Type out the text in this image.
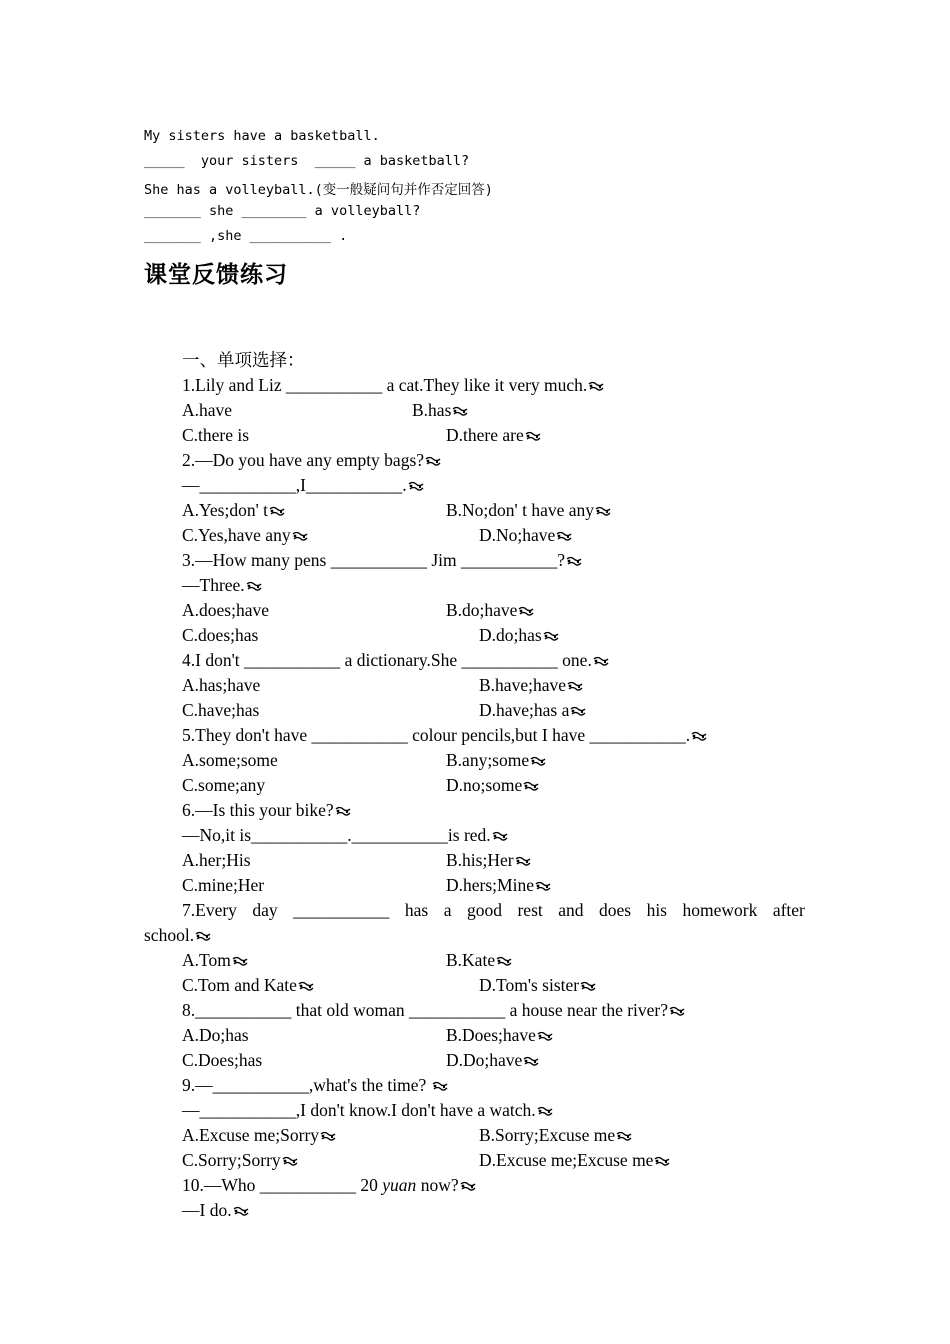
My sisters have a basketball.
_____  your sisters  _____ a basketball?
She has a volleyball.(变一般疑问句并作否定回答)
_______ she ________ a volleyball?
_______ ,she __________ .
课堂反馈练习
一、单项选择：
1.Lily and Liz ___________ a cat.They like it very much.
A.have	B.has
C.there is	D.there are
2.—Do you have any empty bags?
—___________,I___________.
A.Yes;don' t	B.No;don' t have any
C.Yes,have any	D.No;have
3.—How many pens ___________ Jim ___________?
—Three.
A.does;have	B.do;have
C.does;has	D.do;has
4.I don't ___________ a dictionary.She ___________ one.
A.has;have	B.have;have
C.have;has	D.have;has a
5.They don't have ___________ colour pencils,but I have ___________.
A.some;some	B.any;some
C.some;any	D.no;some
6.—Is this your bike?
—No,it is___________.___________is red.
A.her;His	B.his;Her
C.mine;Her	D.hers;Mine
7.Every day ___________ has a good rest and does his homework after
school.
A.Tom	B.Kate
C.Tom and Kate	D.Tom's sister
8.___________ that old woman ___________ a house near the river?
A.Do;has	B.Does;have
C.Does;has	D.Do;have
9.—___________,what's the time?
—___________,I don't know.I don't have a watch.
A.Excuse me;Sorry	B.Sorry;Excuse me
C.Sorry;Sorry	D.Excuse me;Excuse me
10.—Who ___________ 20 yuan now?
—I do.
